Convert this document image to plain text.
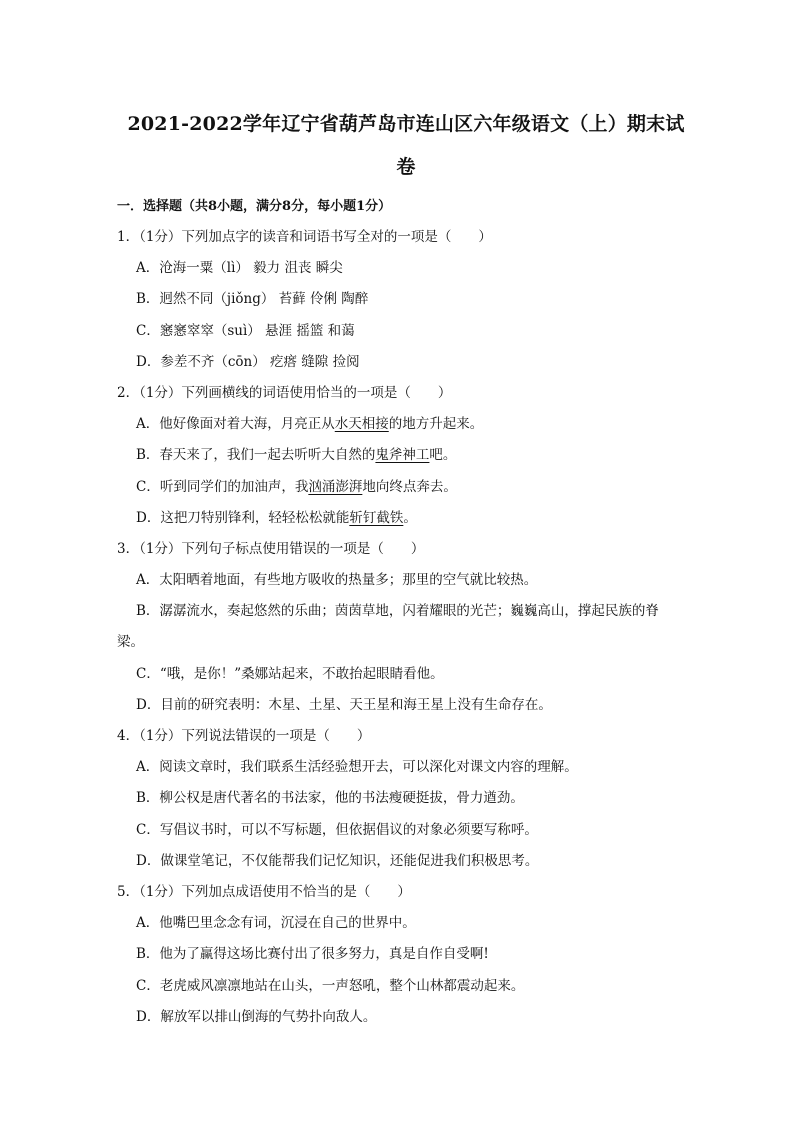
2021-2022学年辽宁省葫芦岛市连山区六年级语文（上）期末试
卷
一．选择题（共8小题，满分8分，每小题1分）
1．（1分）下列加点字的读音和词语书写全对的一项是（　　）
A．沧海一粟（lì） 毅力 沮丧 瞬尖
B．迥然不同（jiǒng） 苔藓 伶俐 陶醉
C．窸窸窣窣（suì） 悬涯 摇篮 和蔼
D．参差不齐（cōn） 疙瘩 缝隙 捡阅
2．（1分）下列画横线的词语使用恰当的一项是（　　）
A．他好像面对着大海，月亮正从水天相接的地方升起来。
B．春天来了，我们一起去听听大自然的鬼斧神工吧。
C．听到同学们的加油声，我汹涌澎湃地向终点奔去。
D．这把刀特别锋利，轻轻松松就能斩钉截铁。
3．（1分）下列句子标点使用错误的一项是（　　）
A．太阳晒着地面，有些地方吸收的热量多；那里的空气就比较热。
B．潺潺流水，奏起悠然的乐曲；茵茵草地，闪着耀眼的光芒；巍巍高山，撑起民族的脊
梁。
C．“哦，是你！”桑娜站起来，不敢抬起眼睛看他。
D．目前的研究表明：木星、土星、天王星和海王星上没有生命存在。
4．（1分）下列说法错误的一项是（　　）
A．阅读文章时，我们联系生活经验想开去，可以深化对课文内容的理解。
B．柳公权是唐代著名的书法家，他的书法瘦硬挺拔，骨力遒劲。
C．写倡议书时，可以不写标题，但依据倡议的对象必须要写称呼。
D．做课堂笔记，不仅能帮我们记忆知识，还能促进我们积极思考。
5．（1分）下列加点成语使用不恰当的是（　　）
A．他嘴巴里念念有词，沉浸在自己的世界中。
B．他为了赢得这场比赛付出了很多努力，真是自作自受啊!
C．老虎威风凛凛地站在山头，一声怒吼，整个山林都震动起来。
D．解放军以排山倒海的气势扑向敌人。
